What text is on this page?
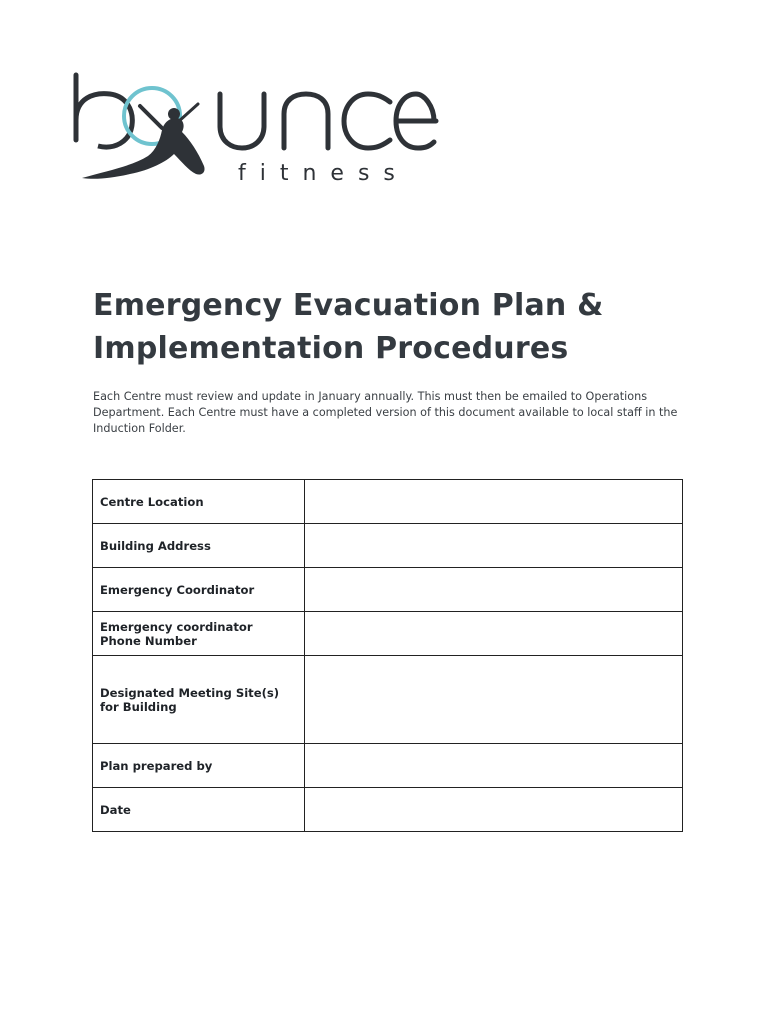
fitness
Emergency Evacuation Plan &
Implementation Procedures

Each Centre must review and update in January annually. This must then be emailed to Operations Department. Each Centre must have a completed version of this document available to local staff in the Induction Folder.

Centre Location	
Building Address	
Emergency Coordinator	
Emergency coordinator Phone Number	
Designated Meeting Site(s) for Building	
Plan prepared by	
Date	
